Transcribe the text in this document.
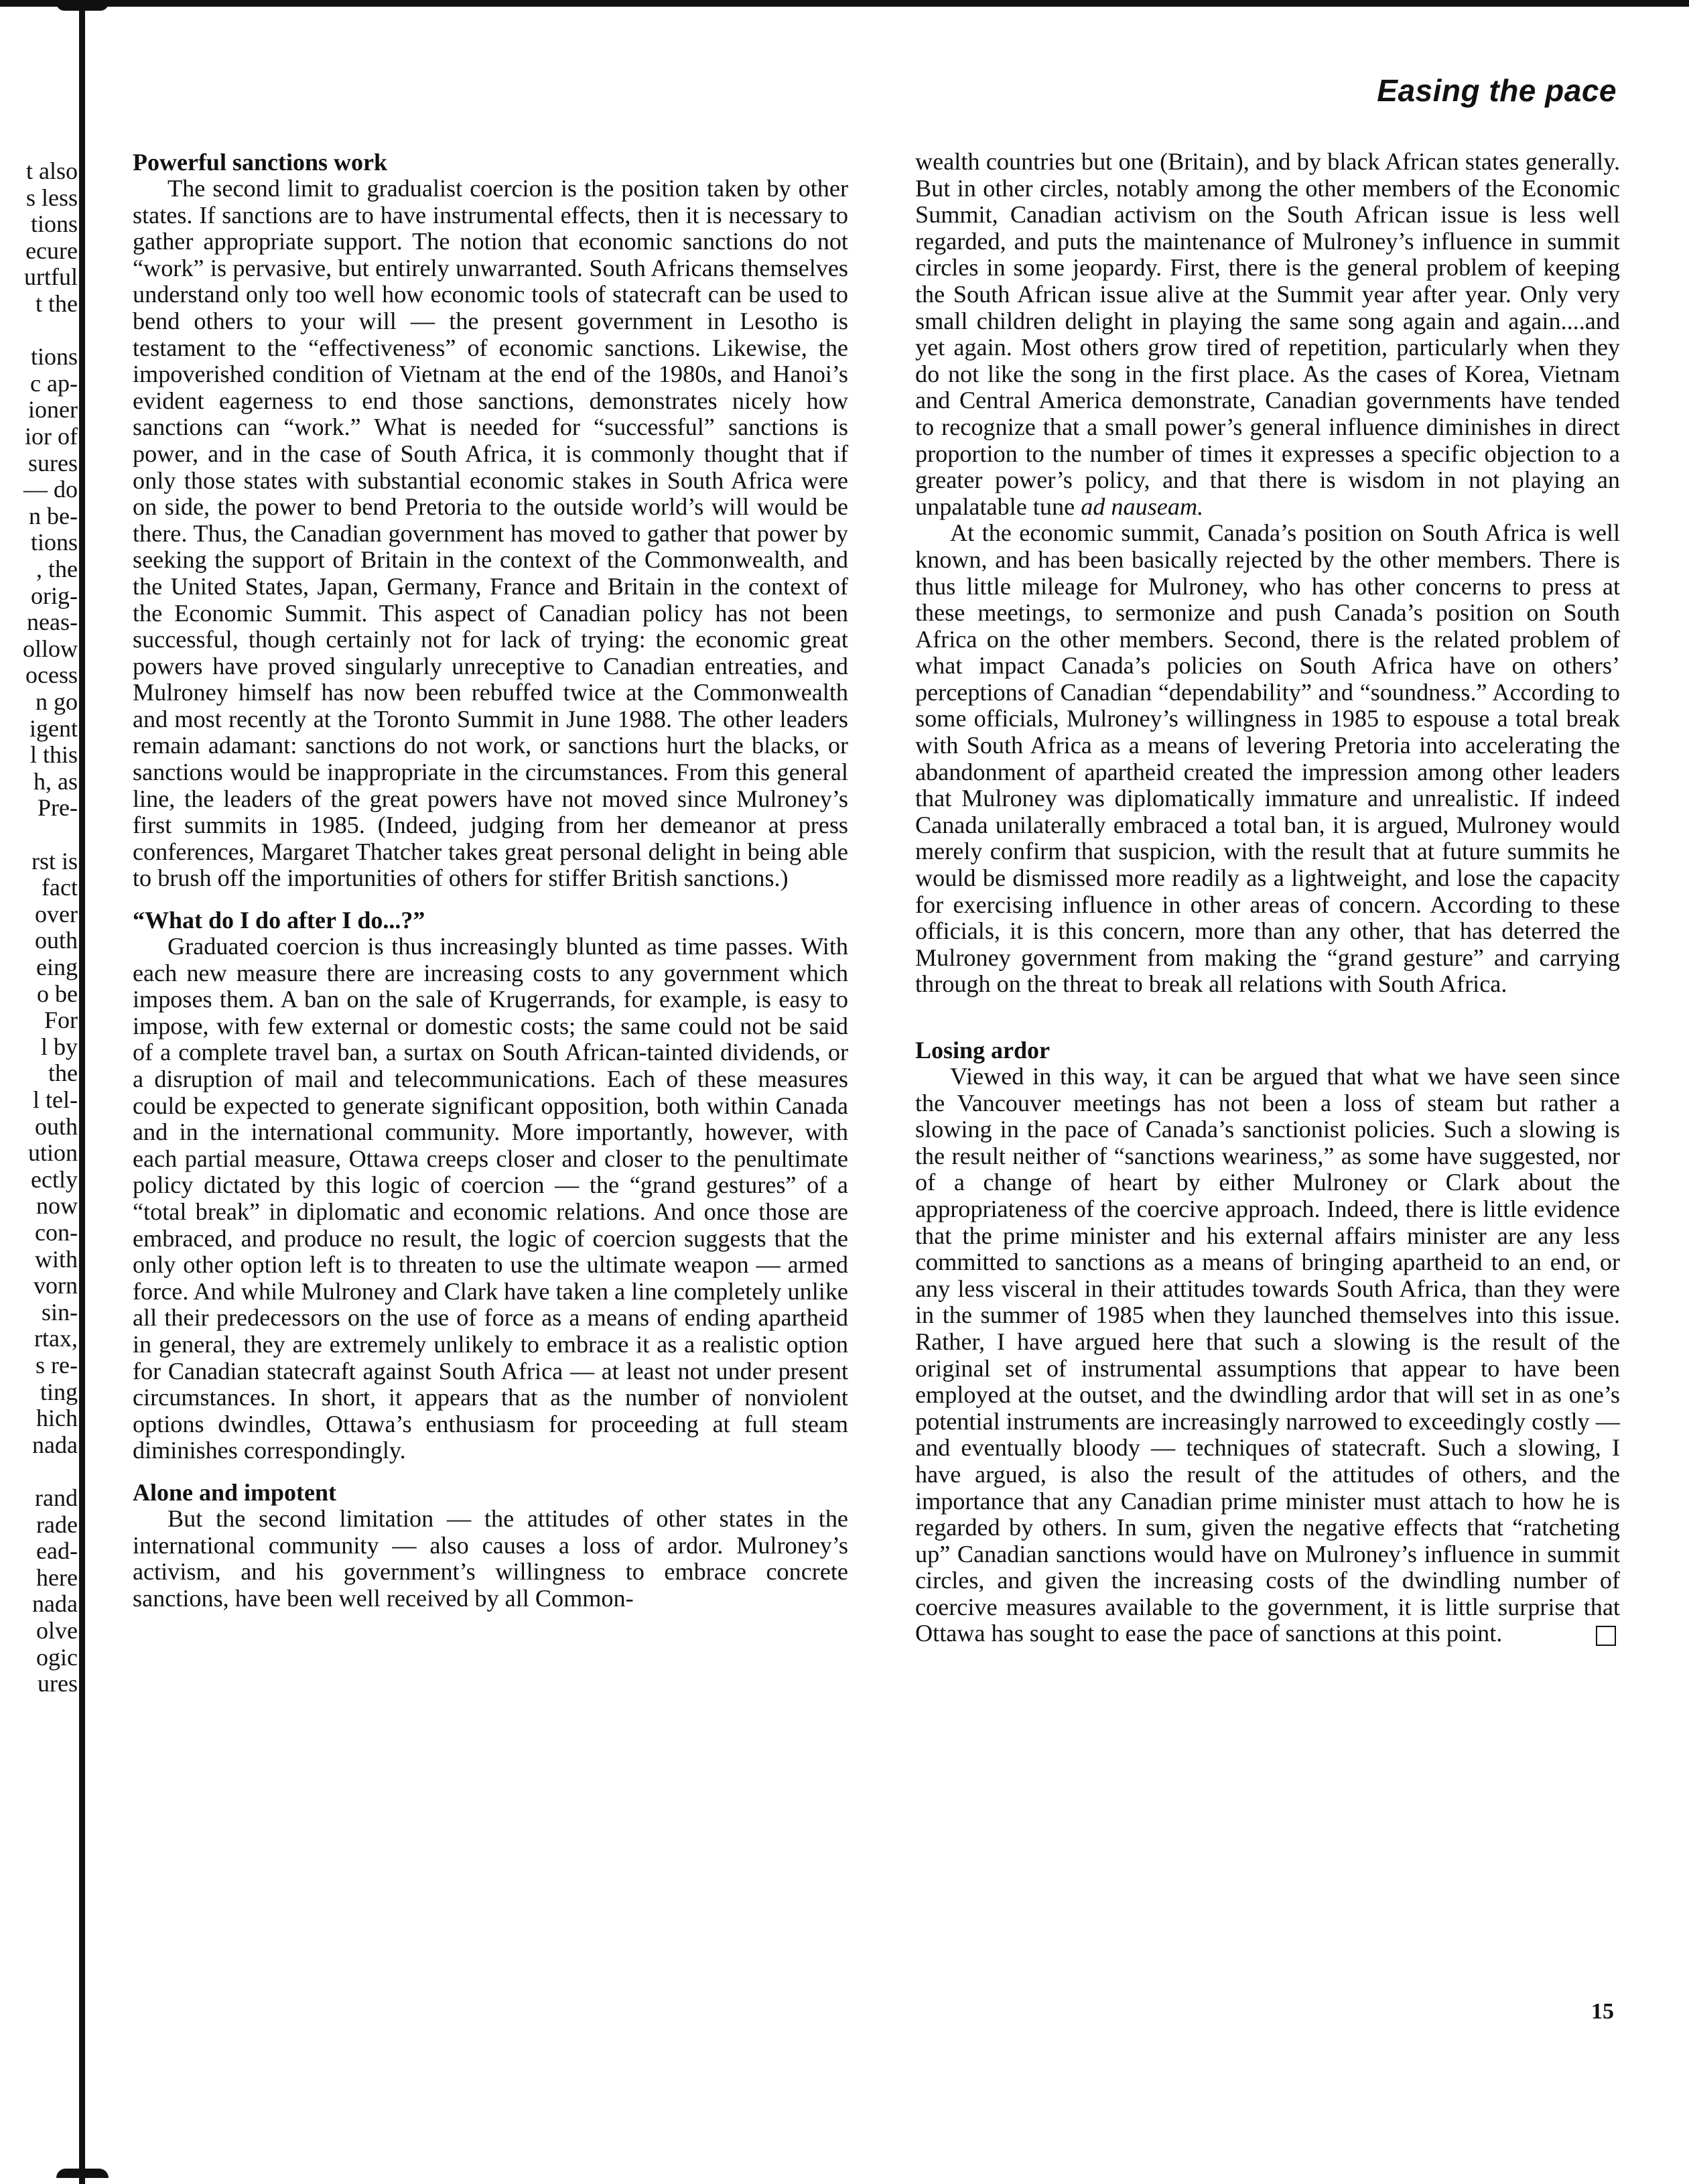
t also
s less
tions
ecure
urtful
t the
tions
c ap-
ioner
ior of
sures
— do
n be-
tions
, the
orig-
neas-
ollow
ocess
n go
igent
l this
h, as
Pre-
rst is
fact
over
outh
eing
o be
For
l by
the
l tel-
outh
ution
ectly
now
con-
with
vorn
sin-
rtax,
s re-
ting
hich
nada
rand
rade
ead-
here
nada
olve
ogic
ures
Easing the pace

Powerful sanctions work

The second limit to gradualist coercion is the position taken by other states. If sanctions are to have instrumental effects, then it is necessary to gather appropriate support. The notion that economic sanctions do not “work” is pervasive, but entirely unwarranted. South Africans themselves understand only too well how economic tools of statecraft can be used to bend others to your will — the present government in Lesotho is testament to the “effectiveness” of economic sanctions. Likewise, the impoverished condition of Vietnam at the end of the 1980s, and Hanoi’s evident eagerness to end those sanctions, demonstrates nicely how sanctions can “work.” What is needed for “successful” sanctions is power, and in the case of South Africa, it is commonly thought that if only those states with substantial economic stakes in South Africa were on side, the power to bend Pretoria to the outside world’s will would be there. Thus, the Canadian government has moved to gather that power by seeking the support of Britain in the context of the Commonwealth, and the United States, Japan, Germany, France and Britain in the context of the Economic Summit. This aspect of Canadian policy has not been successful, though certainly not for lack of trying: the economic great powers have proved singularly unreceptive to Canadian entreaties, and Mulroney himself has now been rebuffed twice at the Commonwealth and most recently at the Toronto Summit in June 1988. The other leaders remain adamant: sanctions do not work, or sanctions hurt the blacks, or sanctions would be inappropriate in the circumstances. From this general line, the leaders of the great powers have not moved since Mulroney’s first summits in 1985. (Indeed, judging from her demeanor at press conferences, Margaret Thatcher takes great personal delight in being able to brush off the importunities of others for stiffer British sanctions.)

“What do I do after I do...?”

Graduated coercion is thus increasingly blunted as time passes. With each new measure there are increasing costs to any government which imposes them. A ban on the sale of Krugerrands, for example, is easy to impose, with few external or domestic costs; the same could not be said of a complete travel ban, a surtax on South African-tainted dividends, or a disruption of mail and telecommunications. Each of these measures could be expected to generate significant opposition, both within Canada and in the international community. More importantly, however, with each partial measure, Ottawa creeps closer and closer to the penultimate policy dictated by this logic of coercion — the “grand gestures” of a “total break” in diplomatic and economic relations. And once those are embraced, and produce no result, the logic of coercion suggests that the only other option left is to threaten to use the ultimate weapon — armed force. And while Mulroney and Clark have taken a line completely unlike all their predecessors on the use of force as a means of ending apartheid in general, they are extremely unlikely to embrace it as a realistic option for Canadian statecraft against South Africa — at least not under present circumstances. In short, it appears that as the number of nonviolent options dwindles, Ottawa’s enthusiasm for proceeding at full steam diminishes correspondingly.

Alone and impotent

But the second limitation — the attitudes of other states in the international community — also causes a loss of ardor. Mulroney’s activism, and his government’s willingness to embrace concrete sanctions, have been well received by all Common-

wealth countries but one (Britain), and by black African states generally. But in other circles, notably among the other members of the Economic Summit, Canadian activism on the South African issue is less well regarded, and puts the maintenance of Mulroney’s influence in summit circles in some jeopardy. First, there is the general problem of keeping the South African issue alive at the Summit year after year. Only very small children delight in playing the same song again and again....and yet again. Most others grow tired of repetition, particularly when they do not like the song in the first place. As the cases of Korea, Vietnam and Central America demonstrate, Canadian governments have tended to recognize that a small power’s general influence diminishes in direct proportion to the number of times it expresses a specific objection to a greater power’s policy, and that there is wisdom in not playing an unpalatable tune ad nauseam.

At the economic summit, Canada’s position on South Africa is well known, and has been basically rejected by the other members. There is thus little mileage for Mulroney, who has other concerns to press at these meetings, to sermonize and push Canada’s position on South Africa on the other members. Second, there is the related problem of what impact Canada’s policies on South Africa have on others’ perceptions of Canadian “dependability” and “soundness.” According to some officials, Mulroney’s willingness in 1985 to espouse a total break with South Africa as a means of levering Pretoria into accelerating the abandonment of apartheid created the impression among other leaders that Mulroney was diplomatically immature and unrealistic. If indeed Canada unilaterally embraced a total ban, it is argued, Mulroney would merely confirm that suspicion, with the result that at future summits he would be dismissed more readily as a lightweight, and lose the capacity for exercising influence in other areas of concern. According to these officials, it is this concern, more than any other, that has deterred the Mulroney government from making the “grand gesture” and carrying through on the threat to break all relations with South Africa.

Losing ardor

Viewed in this way, it can be argued that what we have seen since the Vancouver meetings has not been a loss of steam but rather a slowing in the pace of Canada’s sanctionist policies. Such a slowing is the result neither of “sanctions weariness,” as some have suggested, nor of a change of heart by either Mulroney or Clark about the appropriateness of the coercive approach. Indeed, there is little evidence that the prime minister and his external affairs minister are any less committed to sanctions as a means of bringing apartheid to an end, or any less visceral in their attitudes towards South Africa, than they were in the summer of 1985 when they launched themselves into this issue. Rather, I have argued here that such a slowing is the result of the original set of instrumental assumptions that appear to have been employed at the outset, and the dwindling ardor that will set in as one’s potential instruments are increasingly narrowed to exceedingly costly — and eventually bloody — techniques of statecraft. Such a slowing, I have argued, is also the result of the attitudes of others, and the importance that any Canadian prime minister must attach to how he is regarded by others. In sum, given the negative effects that “ratcheting up” Canadian sanctions would have on Mulroney’s influence in summit circles, and given the increasing costs of the dwindling number of coercive measures available to the government, it is little surprise that Ottawa has sought to ease the pace of sanctions at this point.

15
